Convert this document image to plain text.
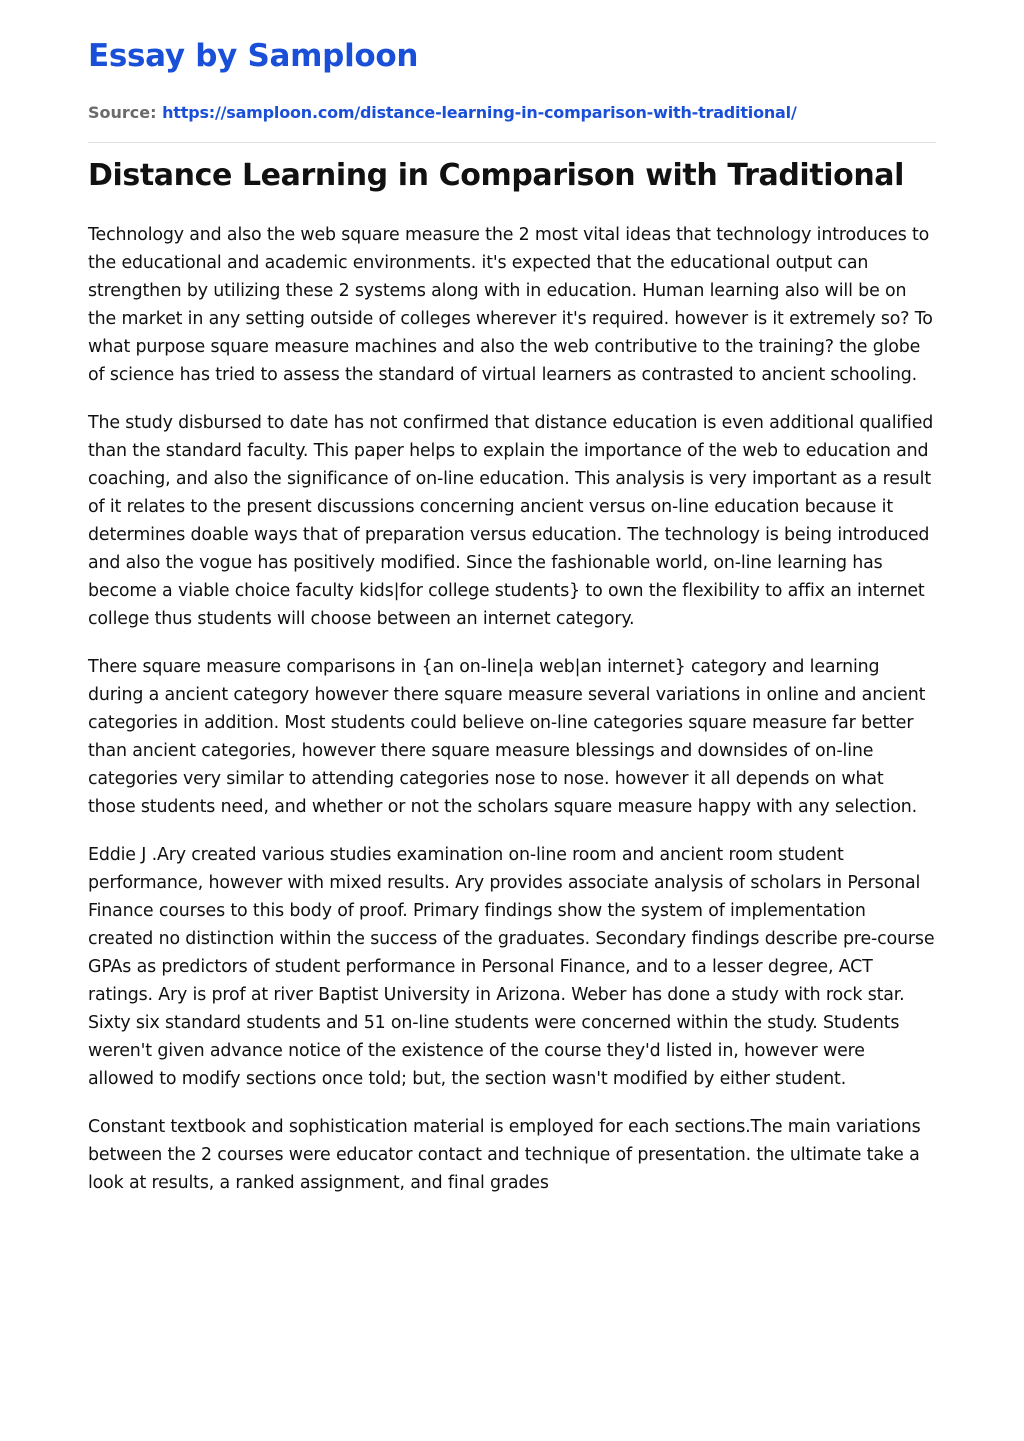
Essay by Samploon
Source: https://samploon.com/distance-learning-in-comparison-with-traditional/
Distance Learning in Comparison with Traditional

Technology and also the web square measure the 2 most vital ideas that technology introduces to the educational and academic environments. it's expected that the educational output can strengthen by utilizing these 2 systems along with in education. Human learning also will be on the market in any setting outside of colleges wherever it's required. however is it extremely so? To what purpose square measure machines and also the web contributive to the training? the globe of science has tried to assess the standard of virtual learners as contrasted to ancient schooling.

The study disbursed to date has not confirmed that distance education is even additional qualified than the standard faculty. This paper helps to explain the importance of the web to education and coaching, and also the significance of on-line education. This analysis is very important as a result of it relates to the present discussions concerning ancient versus on-line education because it determines doable ways that of preparation versus education. The technology is being introduced and also the vogue has positively modified. Since the fashionable world, on-line learning has become a viable choice faculty kids|for college students} to own the flexibility to affix an internet college thus students will choose between an internet category.

There square measure comparisons in {an on-line|a web|an internet} category and learning during a ancient category however there square measure several variations in online and ancient categories in addition. Most students could believe on-line categories square measure far better than ancient categories, however there square measure blessings and downsides of on-line categories very similar to attending categories nose to nose. however it all depends on what those students need, and whether or not the scholars square measure happy with any selection.

Eddie J .Ary created various studies examination on-line room and ancient room student performance, however with mixed results. Ary provides associate analysis of scholars in Personal Finance courses to this body of proof. Primary findings show the system of implementation created no distinction within the success of the graduates. Secondary findings describe pre-course GPAs as predictors of student performance in Personal Finance, and to a lesser degree, ACT ratings. Ary is prof at river Baptist University in Arizona. Weber has done a study with rock star. Sixty six standard students and 51 on-line students were concerned within the study. Students weren't given advance notice of the existence of the course they'd listed in, however were allowed to modify sections once told; but, the section wasn't modified by either student.

Constant textbook and sophistication material is employed for each sections.The main variations between the 2 courses were educator contact and technique of presentation. the ultimate take a look at results, a ranked assignment, and final grades
